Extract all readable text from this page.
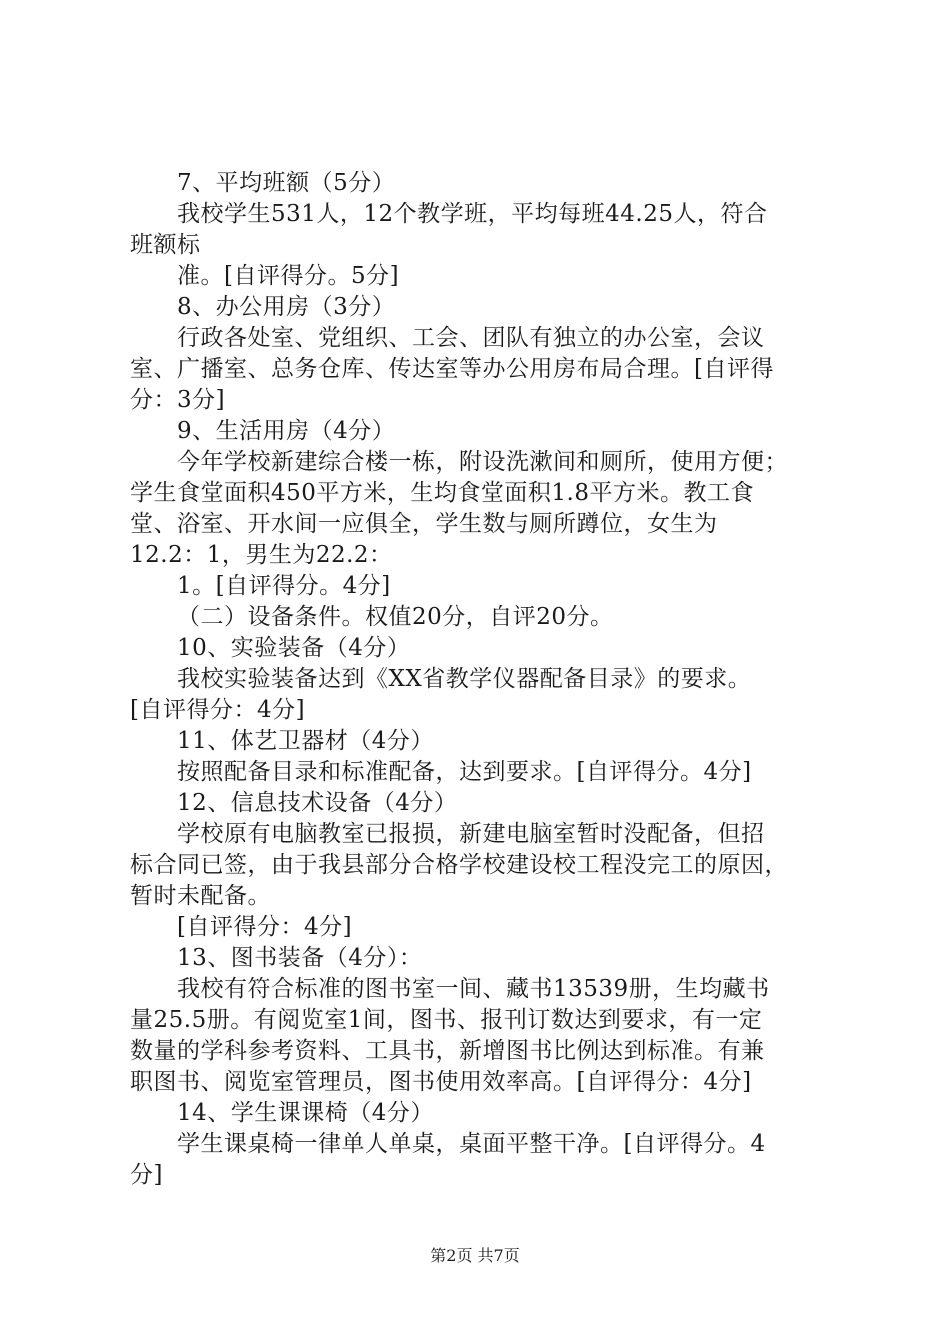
7、平均班额（5分）
我校学生531人，12个教学班，平均每班44.25人，符合
班额标
准。[自评得分。5分]
8、办公用房（3分）
行政各处室、党组织、工会、团队有独立的办公室，会议
室、广播室、总务仓库、传达室等办公用房布局合理。[自评得
分：3分]
9、生活用房（4分）
今年学校新建综合楼一栋，附设洗漱间和厕所，使用方便；
学生食堂面积450平方米，生均食堂面积1.8平方米。教工食
堂、浴室、开水间一应俱全，学生数与厕所蹲位，女生为
12.2：1，男生为22.2：
1。[自评得分。4分]
（二）设备条件。权值20分，自评20分。
10、实验装备（4分）
我校实验装备达到《XX省教学仪器配备目录》的要求。
[自评得分：4分]
11、体艺卫器材（4分）
按照配备目录和标准配备，达到要求。[自评得分。4分]
12、信息技术设备（4分）
学校原有电脑教室已报损，新建电脑室暂时没配备，但招
标合同已签，由于我县部分合格学校建设校工程没完工的原因，
暂时未配备。
[自评得分：4分]
13、图书装备（4分）：
我校有符合标准的图书室一间、藏书13539册，生均藏书
量25.5册。有阅览室1间，图书、报刊订数达到要求，有一定
数量的学科参考资料、工具书，新增图书比例达到标准。有兼
职图书、阅览室管理员，图书使用效率高。[自评得分：4分]
14、学生课课椅（4分）
学生课桌椅一律单人单桌，桌面平整干净。[自评得分。4
分]
第2页 共7页
